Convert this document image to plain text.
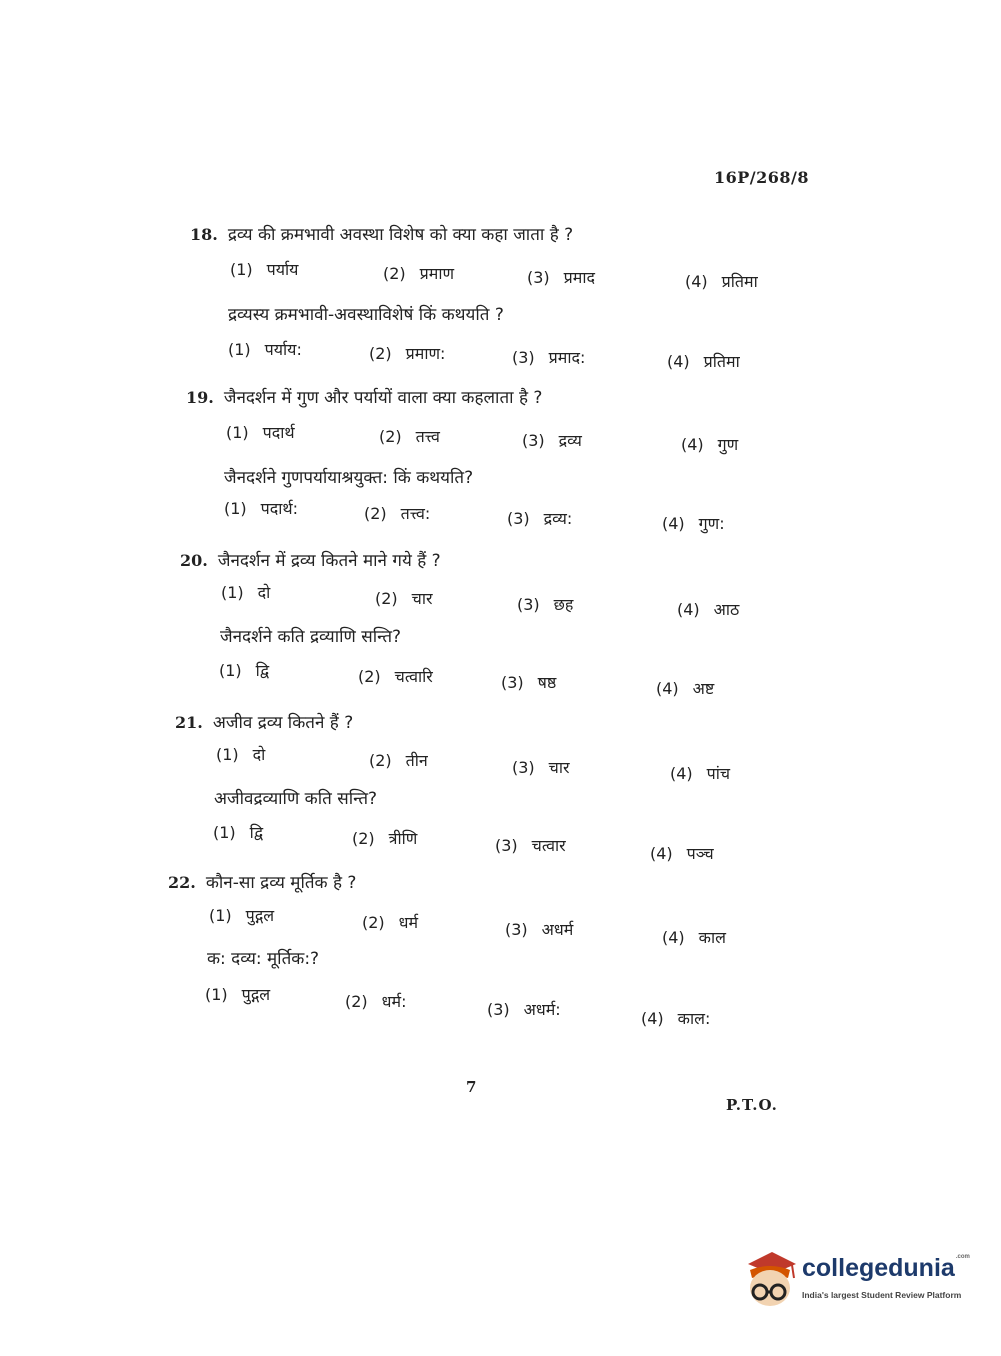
16P/268/8
18. द्रव्य की क्रमभावी अवस्था विशेष को क्या कहा जाता है ?
(1) पर्याय	(2) प्रमाण	(3) प्रमाद	(4) प्रतिमा
द्रव्यस्य क्रमभावी-अवस्थाविशेषं किं कथयति ?
(1) पर्याय:	(2) प्रमाण:	(3) प्रमाद:	(4) प्रतिमा
19. जैनदर्शन में गुण और पर्यायों वाला क्या कहलाता है ?
(1) पदार्थ	(2) तत्त्व	(3) द्रव्य	(4) गुण
जैनदर्शने गुणपर्यायाश्रयुक्त: किं कथयति?
(1) पदार्थ:	(2) तत्त्व:	(3) द्रव्य:	(4) गुण:
20. जैनदर्शन में द्रव्य कितने माने गये हैं ?
(1) दो	(2) चार	(3) छह	(4) आठ
जैनदर्शने कति द्रव्याणि सन्ति?
(1) द्वि	(2) चत्वारि	(3) षष्ठ	(4) अष्ट
21. अजीव द्रव्य कितने हैं ?
(1) दो	(2) तीन	(3) चार	(4) पांच
अजीवद्रव्याणि कति सन्ति?
(1) द्वि	(2) त्रीणि	(3) चत्वार	(4) पञ्च
22. कौन-सा द्रव्य मूर्तिक है ?
(1) पुद्गल	(2) धर्म	(3) अधर्म	(4) काल
क: दव्य: मूर्तिक:?
(1) पुद्गल	(2) धर्म:	(3) अधर्म:	(4) काल:
7
P.T.O.
collegedunia$^{.com}$
India's largest Student Review Platform
